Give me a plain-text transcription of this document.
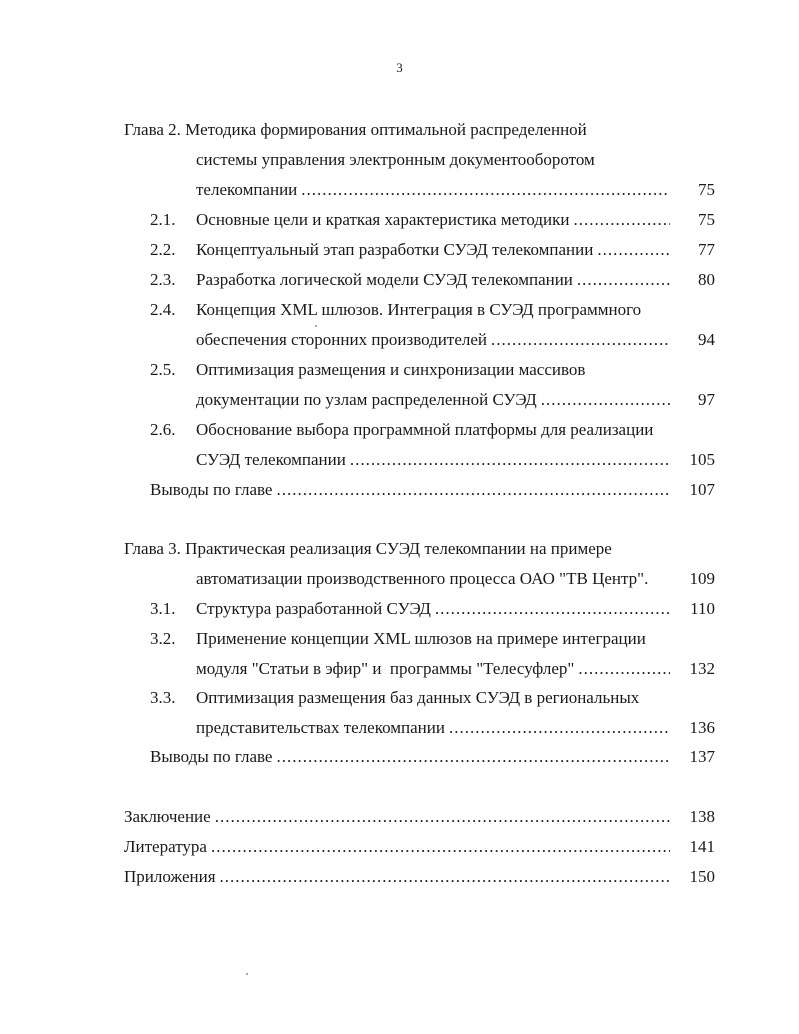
3
Глава 2. Методика формирования оптимальной распределенной
системы управления электронным документооборотом
телекомпании .....	75
2.1.	Основные цели и краткая характеристика методики .....	75
2.2.	Концептуальный этап разработки СУЭД телекомпании .....	77
2.3.	Разработка логической модели СУЭД телекомпании .....	80
2.4.	Концепция XML шлюзов. Интеграция в СУЭД программного
обеспечения сторонних производителей .....	94
2.5.	Оптимизация размещения и синхронизации массивов
документации по узлам распределенной СУЭД .....	97
2.6.	Обоснование выбора программной платформы для реализации
СУЭД телекомпании .....	105
Выводы по главе .....	107
Глава 3. Практическая реализация СУЭД телекомпании на примере
автоматизации производственного процесса ОАО "ТВ Центр".	109
3.1.	Структура разработанной СУЭД .....	110
3.2.	Применение концепции XML шлюзов на примере интеграции
модуля "Статьи в эфир" и  программы "Телесуфлер" .....	132
3.3.	Оптимизация размещения баз данных СУЭД в региональных
представительствах телекомпании .....	136
Выводы по главе .....	137
Заключение .....	138
Литература .....	141
Приложения .....	150
